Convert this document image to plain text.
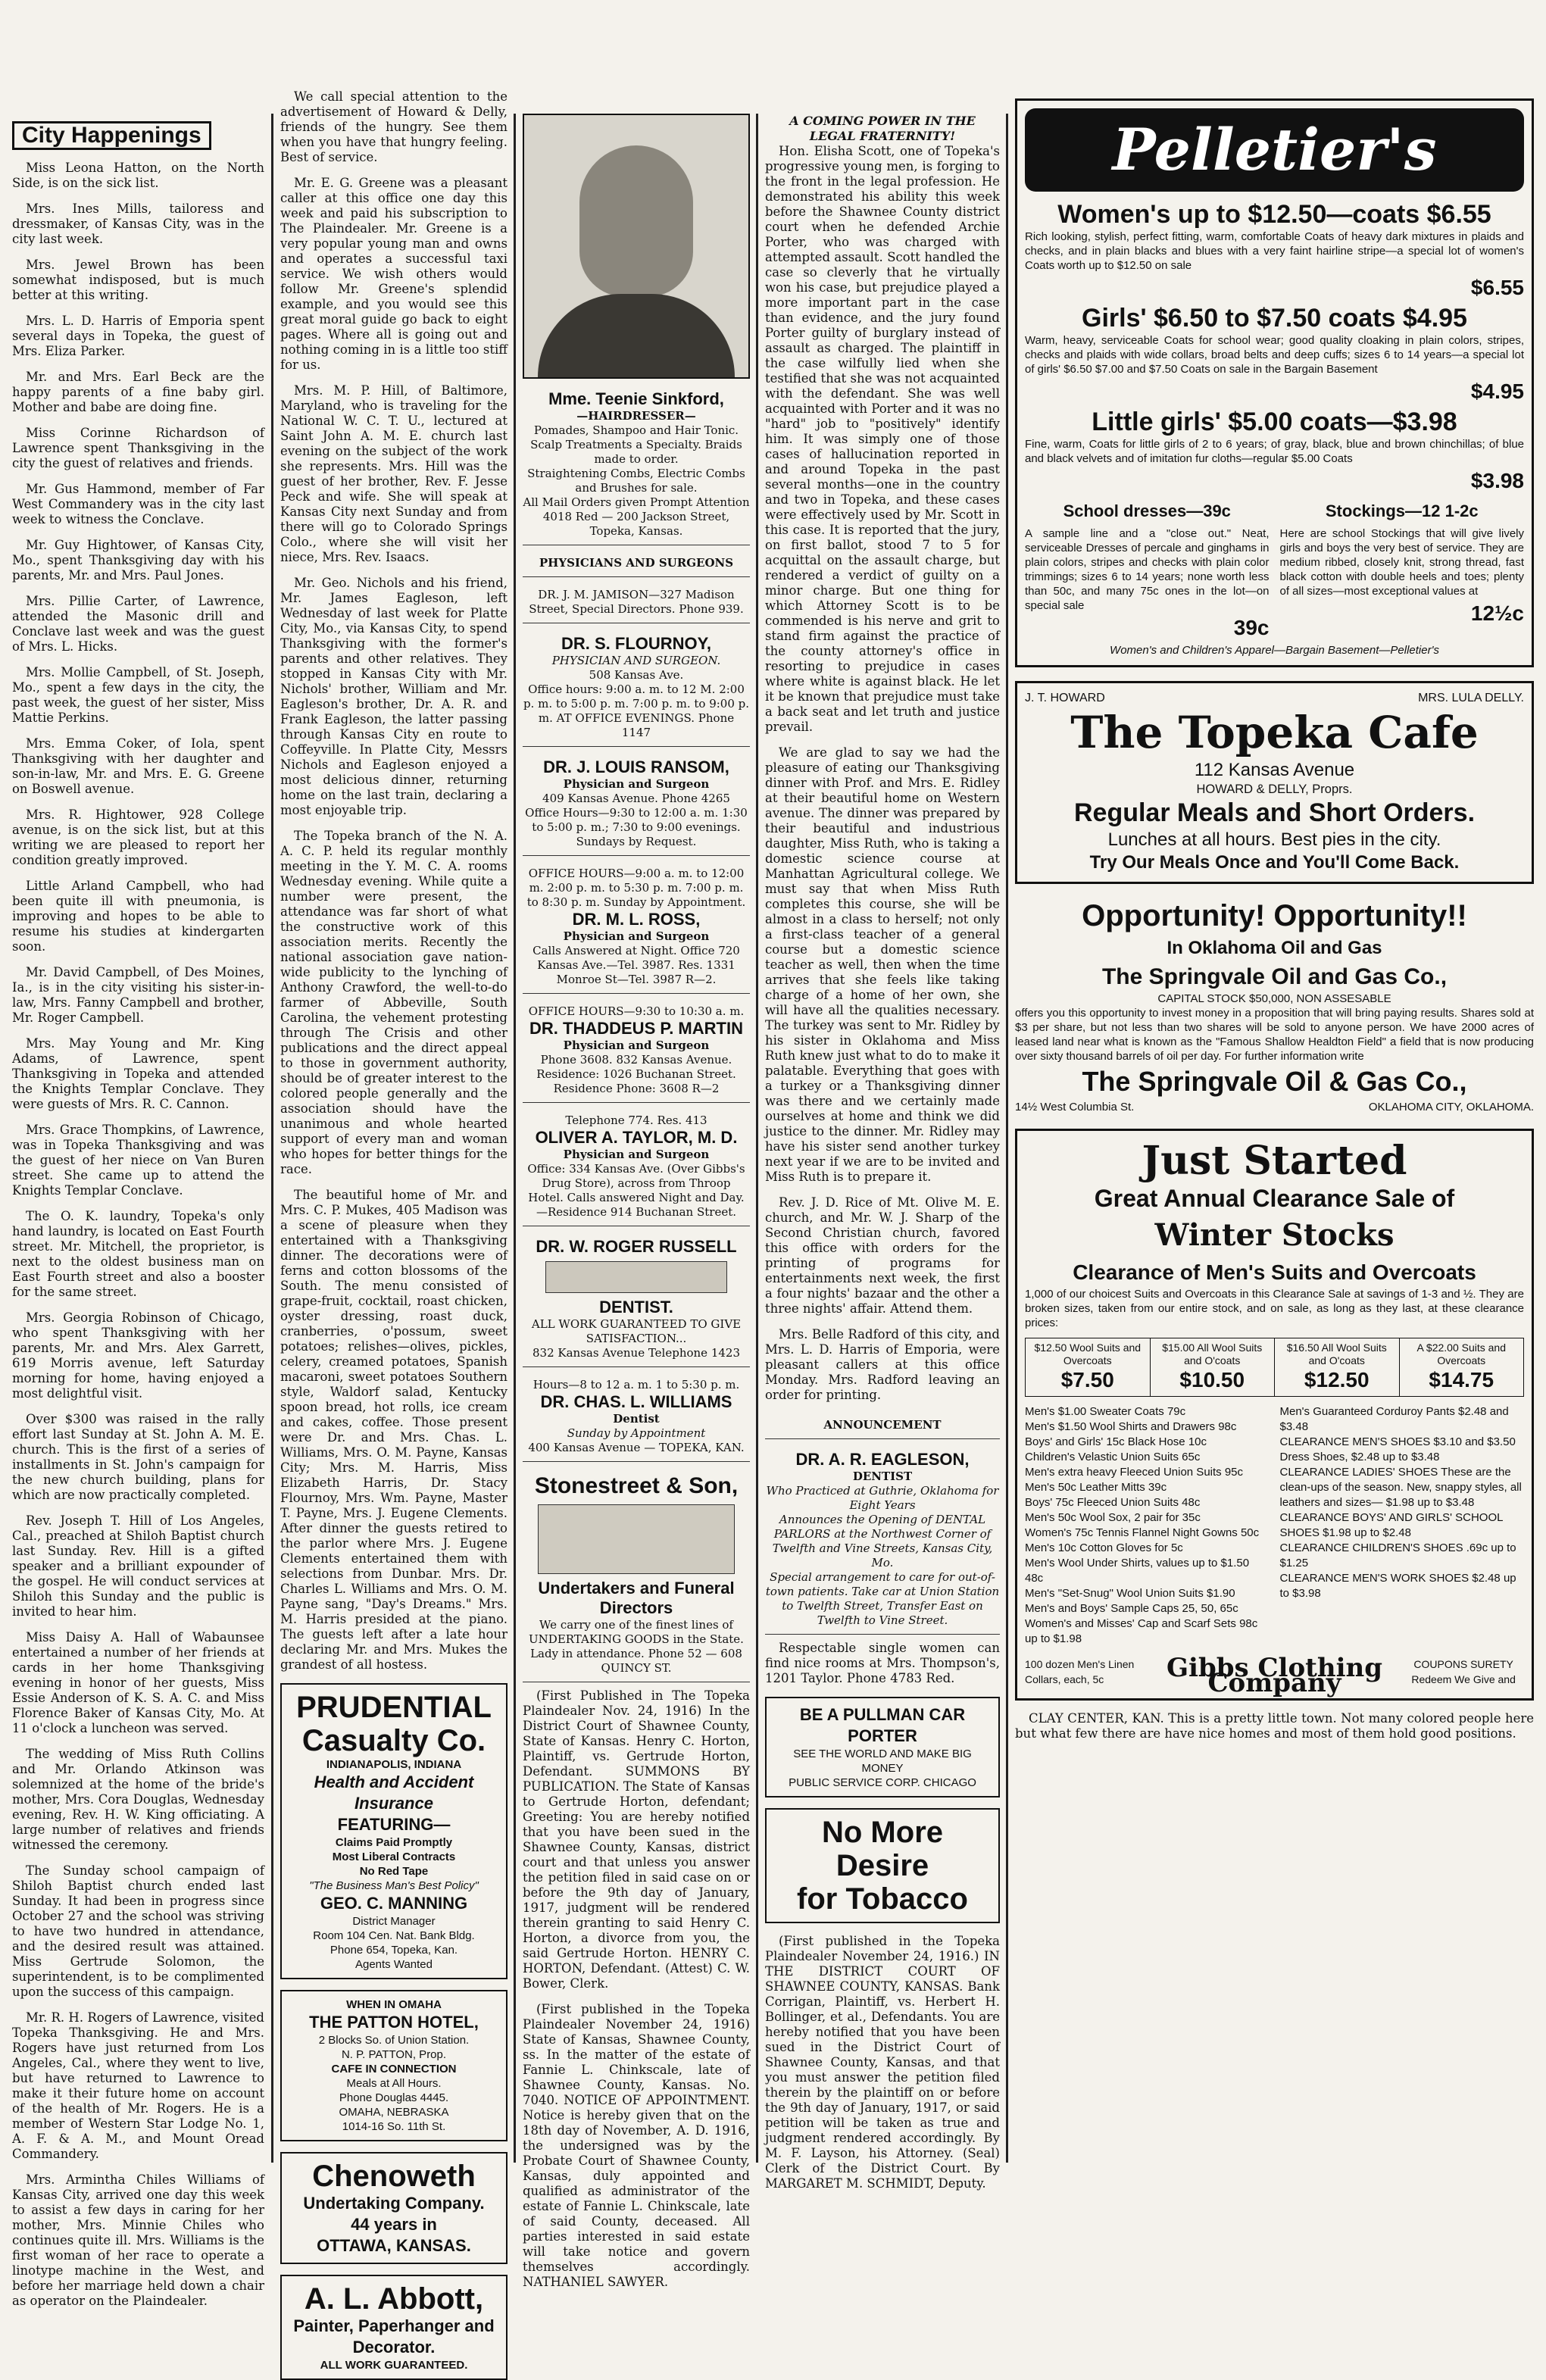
City Happenings
Miss Leona Hatton, on the North Side, is on the sick list.
Mrs. Ines Mills, tailoress and dressmaker, of Kansas City, was in the city last week.
Mrs. Jewel Brown has been somewhat indisposed, but is much better at this writing.
Mrs. L. D. Harris of Emporia spent several days in Topeka, the guest of Mrs. Eliza Parker.
Mr. and Mrs. Earl Beck are the happy parents of a fine baby girl. Mother and babe are doing fine.
Miss Corinne Richardson of Lawrence spent Thanksgiving in the city the guest of relatives and friends.
Mr. Gus Hammond, member of Far West Commandery was in the city last week to witness the Conclave.
Mr. Guy Hightower, of Kansas City, Mo., spent Thanksgiving day with his parents, Mr. and Mrs. Paul Jones.
Mrs. Pillie Carter, of Lawrence, attended the Masonic drill and Conclave last week and was the guest of Mrs. L. Hicks.
Mrs. Mollie Campbell, of St. Joseph, Mo., spent a few days in the city, the past week, the guest of her sister, Miss Mattie Perkins.
Mrs. Emma Coker, of Iola, spent Thanksgiving with her daughter and son-in-law, Mr. and Mrs. E. G. Greene on Boswell avenue.
Mrs. R. Hightower, 928 College avenue, is on the sick list, but at this writing we are pleased to report her condition greatly improved.
Little Arland Campbell, who had been quite ill with pneumonia, is improving and hopes to be able to resume his studies at kindergarten soon.
Mr. David Campbell, of Des Moines, Ia., is in the city visiting his sister-in-law, Mrs. Fanny Campbell and brother, Mr. Roger Campbell.
Mrs. May Young and Mr. King Adams, of Lawrence, spent Thanksgiving in Topeka and attended the Knights Templar Conclave. They were guests of Mrs. R. C. Cannon.
Mrs. Grace Thompkins, of Lawrence, was in Topeka Thanksgiving and was the guest of her niece on Van Buren street. She came up to attend the Knights Templar Conclave.
The O. K. laundry, Topeka's only hand laundry, is located on East Fourth street. Mr. Mitchell, the proprietor, is next to the oldest business man on East Fourth street and also a booster for the same street.
Mrs. Georgia Robinson of Chicago, who spent Thanksgiving with her parents, Mr. and Mrs. Alex Garrett, 619 Morris avenue, left Saturday morning for home, having enjoyed a most delightful visit.
Over $300 was raised in the rally effort last Sunday at St. John A. M. E. church. This is the first of a series of installments in St. John's campaign for the new church building, plans for which are now practically completed.
Rev. Joseph T. Hill of Los Angeles, Cal., preached at Shiloh Baptist church last Sunday. Rev. Hill is a gifted speaker and a brilliant expounder of the gospel. He will conduct services at Shiloh this Sunday and the public is invited to hear him.
Miss Daisy A. Hall of Wabaunsee entertained a number of her friends at cards in her home Thanksgiving evening in honor of her guests, Miss Essie Anderson of K. S. A. C. and Miss Florence Baker of Kansas City, Mo. At 11 o'clock a luncheon was served.
The wedding of Miss Ruth Collins and Mr. Orlando Atkinson was solemnized at the home of the bride's mother, Mrs. Cora Douglas, Wednesday evening, Rev. H. W. King officiating. A large number of relatives and friends witnessed the ceremony.
The Sunday school campaign of Shiloh Baptist church ended last Sunday. It had been in progress since October 27 and the school was striving to have two hundred in attendance, and the desired result was attained. Miss Gertrude Solomon, the superintendent, is to be complimented upon the success of this campaign.
Mr. R. H. Rogers of Lawrence, visited Topeka Thanksgiving. He and Mrs. Rogers have just returned from Los Angeles, Cal., where they went to live, but have returned to Lawrence to make it their future home on account of the health of Mr. Rogers. He is a member of Western Star Lodge No. 1, A. F. & A. M., and Mount Oread Commandery.
Mrs. Armintha Chiles Williams of Kansas City, arrived one day this week to assist a few days in caring for her mother, Mrs. Minnie Chiles who continues quite ill. Mrs. Williams is the first woman of her race to operate a linotype machine in the West, and before her marriage held down a chair as operator on the Plaindealer.
We call special attention to the advertisement of Howard & Delly, friends of the hungry. See them when you have that hungry feeling. Best of service.
Mr. E. G. Greene was a pleasant caller at this office one day this week and paid his subscription to The Plaindealer. Mr. Greene is a very popular young man and owns and operates a successful taxi service. We wish others would follow Mr. Greene's splendid example, and you would see this great moral guide go back to eight pages. Where all is going out and nothing coming in is a little too stiff for us.
Mrs. M. P. Hill, of Baltimore, Maryland, who is traveling for the National W. C. T. U., lectured at Saint John A. M. E. church last evening on the subject of the work she represents. Mrs. Hill was the guest of her brother, Rev. F. Jesse Peck and wife. She will speak at Kansas City next Sunday and from there will go to Colorado Springs Colo., where she will visit her niece, Mrs. Rev. Isaacs.
Mr. Geo. Nichols and his friend, Mr. James Eagleson, left Wednesday of last week for Platte City, Mo., via Kansas City, to spend Thanksgiving with the former's parents and other relatives. They stopped in Kansas City with Mr. Nichols' brother, William and Mr. Eagleson's brother, Dr. A. R. and Frank Eagleson, the latter passing through Kansas City en route to Coffeyville. In Platte City, Messrs Nichols and Eagleson enjoyed a most delicious dinner, returning home on the last train, declaring a most enjoyable trip.
The Topeka branch of the N. A. A. C. P. held its regular monthly meeting in the Y. M. C. A. rooms Wednesday evening. While quite a number were present, the attendance was far short of what the constructive work of this association merits. Recently the national association gave nation-wide publicity to the lynching of Anthony Crawford, the well-to-do farmer of Abbeville, South Carolina, the vehement protesting through The Crisis and other publications and the direct appeal to those in government authority, should be of greater interest to the colored people generally and the association should have the unanimous and whole hearted support of every man and woman who hopes for better things for the race.
The beautiful home of Mr. and Mrs. C. P. Mukes, 405 Madison was a scene of pleasure when they entertained with a Thanksgiving dinner. The decorations were of ferns and cotton blossoms of the South. The menu consisted of grape-fruit, cocktail, roast chicken, oyster dressing, roast duck, cranberries, o'possum, sweet potatoes; relishes—olives, pickles, celery, creamed potatoes, Spanish macaroni, sweet potatoes Southern style, Waldorf salad, Kentucky spoon bread, hot rolls, ice cream and cakes, coffee. Those present were Dr. and Mrs. Chas. L. Williams, Mrs. O. M. Payne, Kansas City; Mrs. M. Harris, Miss Elizabeth Harris, Dr. Stacy Flournoy, Mrs. Wm. Payne, Master T. Payne, Mrs. J. Eugene Clements. After dinner the guests retired to the parlor where Mrs. J. Eugene Clements entertained them with selections from Dunbar. Mrs. Dr. Charles L. Williams and Mrs. O. M. Payne sang, "Day's Dreams." Mrs. M. Harris presided at the piano. The guests left after a late hour declaring Mr. and Mrs. Mukes the grandest of all hostess.
PRUDENTIAL Casualty Co.
INDIANAPOLIS, INDIANA
Health and Accident Insurance
FEATURING—
Claims Paid Promptly
Most Liberal Contracts
No Red Tape
"The Business Man's Best Policy"
GEO. C. MANNING
District Manager
Room 104 Cen. Nat. Bank Bldg.
Phone 654, Topeka, Kan.
Agents Wanted
WHEN IN OMAHA
THE PATTON HOTEL,
2 Blocks So. of Union Station.
N. P. PATTON, Prop.
CAFE IN CONNECTION
Meals at All Hours.
Phone Douglas 4445.
OMAHA, NEBRASKA
1014-16 So. 11th St.
Chenoweth
Undertaking Company.
44 years in
OTTAWA, KANSAS.
A. L. Abbott,
Painter, Paperhanger and Decorator.
ALL WORK GUARANTEED.
Mme. Teenie Sinkford,
—HAIRDRESSER—
Pomades, Shampoo and Hair Tonic.
Scalp Treatments a Specialty. Braids made to order.
Straightening Combs, Electric Combs and Brushes for sale.
All Mail Orders given Prompt Attention 4018 Red — 200 Jackson Street, Topeka, Kansas.
PHYSICIANS AND SURGEONS
DR. J. M. JAMISON—327 Madison Street, Special Directors. Phone 939.
DR. S. FLOURNOY,
PHYSICIAN AND SURGEON.
508 Kansas Ave.
Office hours: 9:00 a. m. to 12 M. 2:00 p. m. to 5:00 p. m. 7:00 p. m. to 9:00 p. m. AT OFFICE EVENINGS. Phone 1147
DR. J. LOUIS RANSOM,
Physician and Surgeon
409 Kansas Avenue. Phone 4265
Office Hours—9:30 to 12:00 a. m. 1:30 to 5:00 p. m.; 7:30 to 9:00 evenings. Sundays by Request.
OFFICE HOURS—9:00 a. m. to 12:00 m. 2:00 p. m. to 5:30 p. m. 7:00 p. m. to 8:30 p. m. Sunday by Appointment.
DR. M. L. ROSS,
Physician and Surgeon
Calls Answered at Night. Office 720 Kansas Ave.—Tel. 3987. Res. 1331 Monroe St—Tel. 3987 R—2.
OFFICE HOURS—9:30 to 10:30 a. m.
DR. THADDEUS P. MARTIN
Physician and Surgeon
Phone 3608. 832 Kansas Avenue. Residence: 1026 Buchanan Street. Residence Phone: 3608 R—2
Telephone 774. Res. 413
OLIVER A. TAYLOR, M. D.
Physician and Surgeon
Office: 334 Kansas Ave. (Over Gibbs's Drug Store), across from Throop Hotel. Calls answered Night and Day.—Residence 914 Buchanan Street.
DR. W. ROGER RUSSELL
DENTIST.
ALL WORK GUARANTEED TO GIVE SATISFACTION...
832 Kansas Avenue Telephone 1423
Hours—8 to 12 a. m. 1 to 5:30 p. m.
DR. CHAS. L. WILLIAMS
Dentist
Sunday by Appointment
400 Kansas Avenue — TOPEKA, KAN.
Stonestreet & Son,
Undertakers and Funeral Directors
We carry one of the finest lines of UNDERTAKING GOODS in the State. Lady in attendance. Phone 52 — 608 QUINCY ST.
(First Published in The Topeka Plaindealer Nov. 24, 1916) In the District Court of Shawnee County, State of Kansas. Henry C. Horton, Plaintiff, vs. Gertrude Horton, Defendant. SUMMONS BY PUBLICATION. The State of Kansas to Gertrude Horton, defendant; Greeting: You are hereby notified that you have been sued in the Shawnee County, Kansas, district court and that unless you answer the petition filed in said case on or before the 9th day of January, 1917, judgment will be rendered therein granting to said Henry C. Horton, a divorce from you, the said Gertrude Horton. HENRY C. HORTON, Defendant. (Attest) C. W. Bower, Clerk.
(First published in the Topeka Plaindealer November 24, 1916) State of Kansas, Shawnee County, ss. In the matter of the estate of Fannie L. Chinkscale, late of Shawnee County, Kansas. No. 7040. NOTICE OF APPOINTMENT. Notice is hereby given that on the 18th day of November, A. D. 1916, the undersigned was by the Probate Court of Shawnee County, Kansas, duly appointed and qualified as administrator of the estate of Fannie L. Chinkscale, late of said County, deceased. All parties interested in said estate will take notice and govern themselves accordingly. NATHANIEL SAWYER.
A COMING POWER IN THE LEGAL FRATERNITY!
Hon. Elisha Scott, one of Topeka's progressive young men, is forging to the front in the legal profession. He demonstrated his ability this week before the Shawnee County district court when he defended Archie Porter, who was charged with attempted assault. Scott handled the case so cleverly that he virtually won his case, but prejudice played a more important part in the case than evidence, and the jury found Porter guilty of burglary instead of assault as charged. The plaintiff in the case wilfully lied when she testified that she was not acquainted with the defendant. She was well acquainted with Porter and it was no "hard" job to "positively" identify him. It was simply one of those cases of hallucination reported in and around Topeka in the past several months—one in the country and two in Topeka, and these cases were effectively used by Mr. Scott in this case. It is reported that the jury, on first ballot, stood 7 to 5 for acquittal on the assault charge, but rendered a verdict of guilty on a minor charge. But one thing for which Attorney Scott is to be commended is his nerve and grit to stand firm against the practice of the county attorney's office in resorting to prejudice in cases where white is against black. He let it be known that prejudice must take a back seat and let truth and justice prevail.
We are glad to say we had the pleasure of eating our Thanksgiving dinner with Prof. and Mrs. E. Ridley at their beautiful home on Western avenue. The dinner was prepared by their beautiful and industrious daughter, Miss Ruth, who is taking a domestic science course at Manhattan Agricultural college. We must say that when Miss Ruth completes this course, she will be almost in a class to herself; not only a first-class teacher of a general course but a domestic science teacher as well, then when the time arrives that she feels like taking charge of a home of her own, she will have all the qualities necessary. The turkey was sent to Mr. Ridley by his sister in Oklahoma and Miss Ruth knew just what to do to make it palatable. Everything that goes with a turkey or a Thanksgiving dinner was there and we certainly made ourselves at home and think we did justice to the dinner. Mr. Ridley may have his sister send another turkey next year if we are to be invited and Miss Ruth is to prepare it.
Rev. J. D. Rice of Mt. Olive M. E. church, and Mr. W. J. Sharp of the Second Christian church, favored this office with orders for the printing of programs for entertainments next week, the first a four nights' bazaar and the other a three nights' affair. Attend them.
Mrs. Belle Radford of this city, and Mrs. L. D. Harris of Emporia, were pleasant callers at this office Monday. Mrs. Radford leaving an order for printing.
ANNOUNCEMENT
DR. A. R. EAGLESON,
DENTIST
Who Practiced at Guthrie, Oklahoma for Eight Years
Announces the Opening of DENTAL PARLORS at the Northwest Corner of Twelfth and Vine Streets, Kansas City, Mo.
Special arrangement to care for out-of-town patients. Take car at Union Station to Twelfth Street, Transfer East on Twelfth to Vine Street.
Respectable single women can find nice rooms at Mrs. Thompson's, 1201 Taylor. Phone 4783 Red.
BE A PULLMAN CAR PORTER
SEE THE WORLD AND MAKE BIG MONEY
PUBLIC SERVICE CORP. CHICAGO
No More Desire
for Tobacco
(First published in the Topeka Plaindealer November 24, 1916.) IN THE DISTRICT COURT OF SHAWNEE COUNTY, KANSAS. Bank Corrigan, Plaintiff, vs. Herbert H. Bollinger, et al., Defendants. You are hereby notified that you have been sued in the District Court of Shawnee County, Kansas, and that you must answer the petition filed therein by the plaintiff on or before the 9th day of January, 1917, or said petition will be taken as true and judgment rendered accordingly. By M. F. Layson, his Attorney. (Seal) Clerk of the District Court. By MARGARET M. SCHMIDT, Deputy.
Pelletier's
Women's up to $12.50—coats $6.55
Rich looking, stylish, perfect fitting, warm, comfortable Coats of heavy dark mixtures in plaids and checks, and in plain blacks and blues with a very faint hairline stripe—a special lot of women's Coats worth up to $12.50 on sale
$6.55
Girls' $6.50 to $7.50 coats $4.95
Warm, heavy, serviceable Coats for school wear; good quality cloaking in plain colors, stripes, checks and plaids with wide collars, broad belts and deep cuffs; sizes 6 to 14 years—a special lot of girls' $6.50 $7.00 and $7.50 Coats on sale in the Bargain Basement
$4.95
Little girls' $5.00 coats—$3.98
Fine, warm, Coats for little girls of 2 to 6 years; of gray, black, blue and brown chinchillas; of blue and black velvets and of imitation fur cloths—regular $5.00 Coats
$3.98
School dresses—39c
A sample line and a "close out." Neat, serviceable Dresses of percale and ginghams in plain colors, stripes and checks with plain color trimmings; sizes 6 to 14 years; none worth less than 50c, and many 75c ones in the lot—on special sale
39c
Stockings—12 1-2c
Here are school Stockings that will give lively girls and boys the very best of service. They are medium ribbed, closely knit, strong thread, fast black cotton with double heels and toes; plenty of all sizes—most exceptional values at
12½c
Women's and Children's Apparel—Bargain Basement—Pelletier's
J. T. HOWARD	MRS. LULA DELLY.
The Topeka Cafe
112 Kansas Avenue
HOWARD & DELLY, Proprs.
Regular Meals and Short Orders.
Lunches at all hours. Best pies in the city.
Try Our Meals Once and You'll Come Back.
Opportunity! Opportunity!!
In Oklahoma Oil and Gas
The Springvale Oil and Gas Co.,
CAPITAL STOCK $50,000, NON ASSESABLE
offers you this opportunity to invest money in a proposition that will bring paying results. Shares sold at $3 per share, but not less than two shares will be sold to anyone person. We have 2000 acres of leased land near what is known as the "Famous Shallow Healdton Field" a field that is now producing over sixty thousand barrels of oil per day. For further information write
The Springvale Oil & Gas Co.,
14½ West Columbia St.	OKLAHOMA CITY, OKLAHOMA.
Just Started
Great Annual Clearance Sale of
Winter Stocks
Clearance of Men's Suits and Overcoats
1,000 of our choicest Suits and Overcoats in this Clearance Sale at savings of 1-3 and ½. They are broken sizes, taken from our entire stock, and on sale, as long as they last, at these clearance prices:
$12.50 Wool Suits and Overcoats
$7.50
$15.00 All Wool Suits and O'coats
$10.50
$16.50 All Wool Suits and O'coats
$12.50
A $22.00 Suits and Overcoats
$14.75
Men's $1.00 Sweater Coats 79c
Men's $1.50 Wool Shirts and Drawers 98c
Boys' and Girls' 15c Black Hose 10c
Children's Velastic Union Suits 65c
Men's extra heavy Fleeced Union Suits 95c
Men's 50c Leather Mitts 39c
Boys' 75c Fleeced Union Suits 48c
Men's 50c Wool Sox, 2 pair for 35c
Women's 75c Tennis Flannel Night Gowns 50c
Men's 10c Cotton Gloves for 5c
Men's Wool Under Shirts, values up to $1.50 48c
Men's "Set-Snug" Wool Union Suits $1.90
Men's and Boys' Sample Caps 25, 50, 65c
Women's and Misses' Cap and Scarf Sets 98c up to $1.98
Men's Guaranteed Corduroy Pants $2.48 and $3.48
CLEARANCE MEN'S SHOES $3.10 and $3.50 Dress Shoes, $2.48 up to $3.48
CLEARANCE LADIES' SHOES These are the clean-ups of the season. New, snappy styles, all leathers and sizes— $1.98 up to $3.48
CLEARANCE BOYS' AND GIRLS' SCHOOL SHOES $1.98 up to $2.48
CLEARANCE CHILDREN'S SHOES .69c up to $1.25
CLEARANCE MEN'S WORK SHOES $2.48 up to $3.98
100 dozen Men's Linen Collars, each, 5c	Gibbs Clothing Company
COUPONS SURETY Redeem We Give and
CLAY CENTER, KAN. This is a pretty little town. Not many colored people here but what few there are have nice homes and most of them hold good positions.
